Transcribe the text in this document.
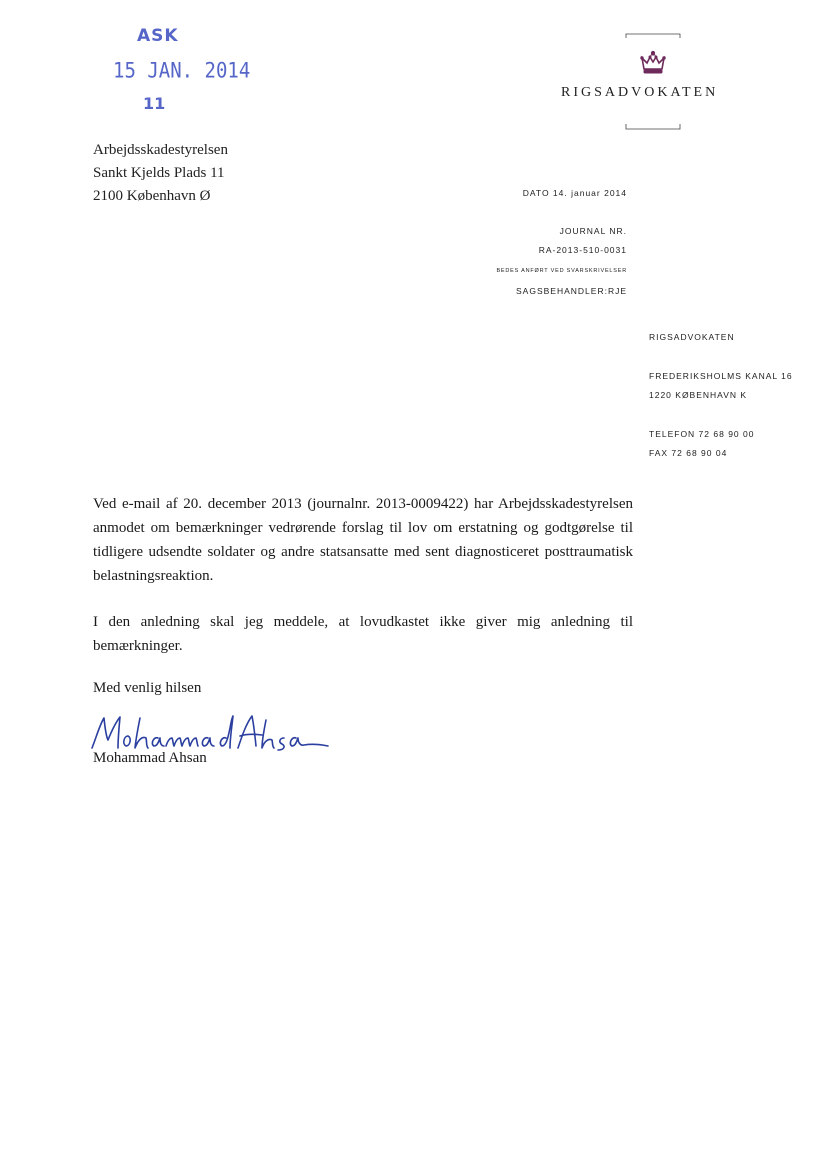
ASK
15 JAN. 2014
11
RIGSADVOKATEN
Arbejdsskadestyrelsen
Sankt Kjelds Plads 11
2100 København Ø	DATO 14. januar 2014
JOURNAL NR.
RA-2013-510-0031
BEDES ANFØRT VED SVARSKRIVELSER
SAGSBEHANDLER:RJE
RIGSADVOKATEN
FREDERIKSHOLMS KANAL 16
1220 KØBENHAVN K
TELEFON 72 68 90 00
FAX 72 68 90 04
Ved e-mail af 20. december 2013 (journalnr. 2013-0009422) har Arbejdsskadestyrelsen anmodet om bemærkninger vedrørende forslag til lov om erstatning og godtgørelse til tidligere udsendte soldater og andre statsansatte med sent diagnosticeret posttraumatisk belastningsreaktion.
I den anledning skal jeg meddele, at lovudkastet ikke giver mig anledning til bemærkninger.
Med venlig hilsen
Mohammad Ahsan
